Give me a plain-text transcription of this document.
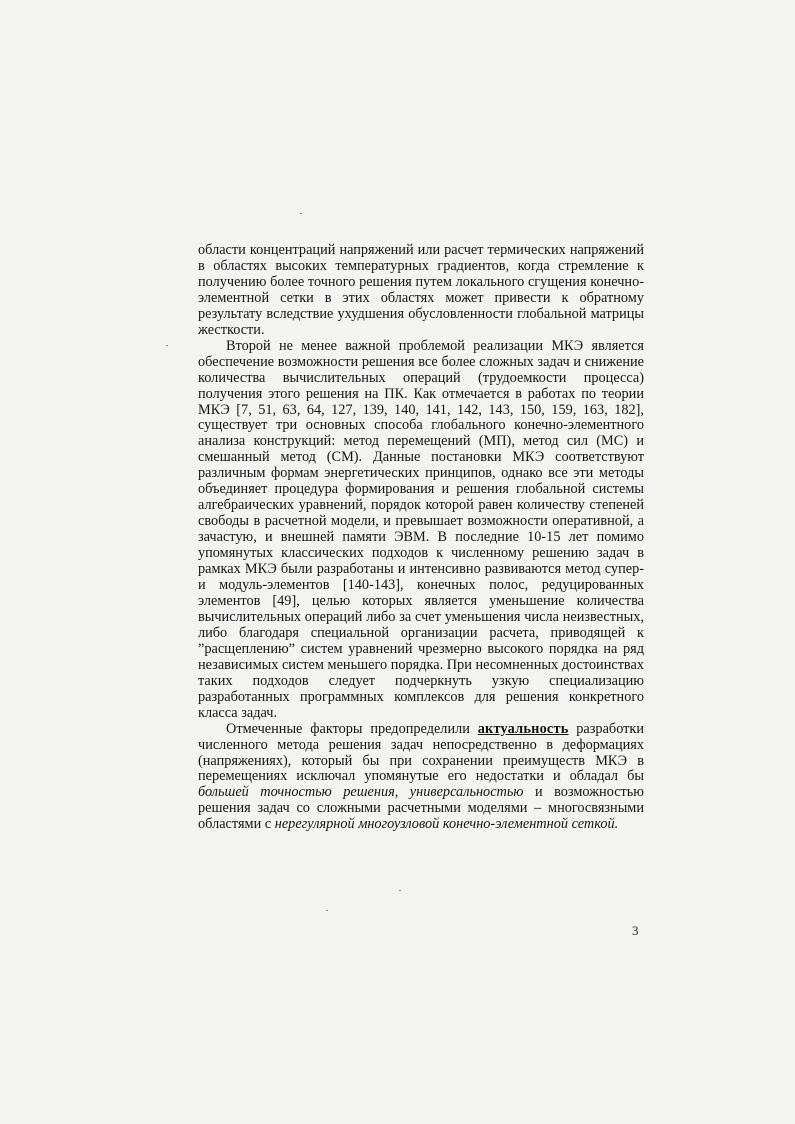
области концентраций напряжений или расчет термических напряжений в областях высоких температурных градиентов, когда стремление к получению более точного решения путем локального сгущения конечно-элементной сетки в этих областях может привести к обратному результату вследствие ухудшения обусловленности глобальной матрицы жесткости.

Второй не менее важной проблемой реализации МКЭ является обеспечение возможности решения все более сложных задач и снижение количества вычислительных операций (трудоемкости процесса) получения этого решения на ПК. Как отмечается в работах по теории МКЭ [7, 51, 63, 64, 127, 139, 140, 141, 142, 143, 150, 159, 163, 182], существует три основных способа глобального конечно-элементного анализа конструкций: метод перемещений (МП), метод сил (МС) и смешанный метод (СМ). Данные постановки МКЭ соответствуют различным формам энергетических принципов, однако все эти методы объединяет процедура формирования и решения глобальной системы алгебраических уравнений, порядок которой равен количеству степеней свободы в расчетной модели, и превышает возможности оперативной, а зачастую, и внешней памяти ЭВМ. В последние 10-15 лет помимо упомянутых классических подходов к численному решению задач в рамках МКЭ были разработаны и интенсивно развиваются метод супер- и модуль-элементов [140-143], конечных полос, редуцированных элементов [49], целью которых является уменьшение количества вычислительных операций либо за счет уменьшения числа неизвестных, либо благодаря специальной организации расчета, приводящей к ”расщеплению” систем уравнений чрезмерно высокого порядка на ряд независимых систем меньшего порядка. При несомненных достоинствах таких подходов следует подчеркнуть узкую специализацию разработанных программных комплексов для решения конкретного класса задач.

Отмеченные факторы предопределили актуальность разработки численного метода решения задач непосредственно в деформациях (напряжениях), который бы при сохранении преимуществ МКЭ в перемещениях исключал упомянутые его недостатки и обладал бы большей точностью решения, универсальностью и возможностью решения задач со сложными расчетными моделями – многосвязными областями с нерегулярной многоузловой конечно-элементной сеткой.

3
